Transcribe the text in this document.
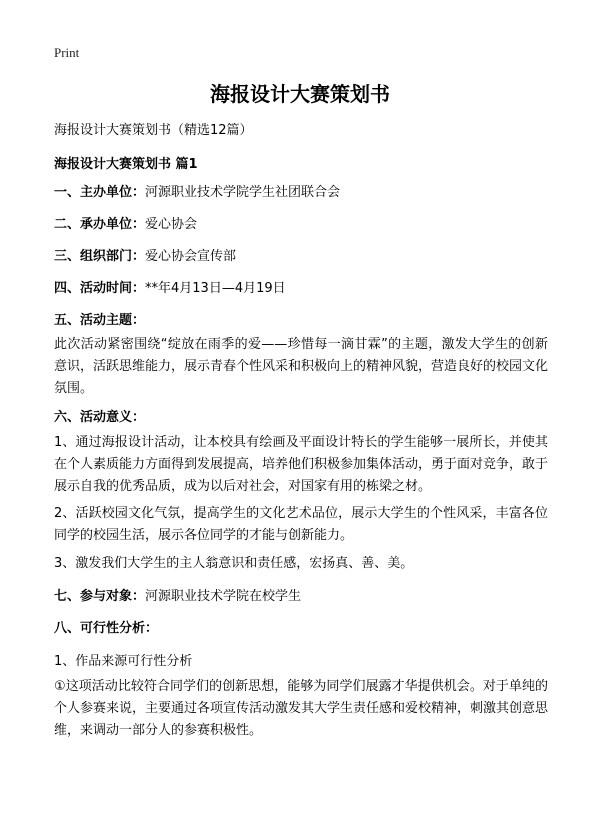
Print
海报设计大赛策划书
海报设计大赛策划书（精选12篇）
海报设计大赛策划书 篇1
一、主办单位：河源职业技术学院学生社团联合会
二、承办单位：爱心协会
三、组织部门：爱心协会宣传部
四、活动时间：**年4月13日—4月19日
五、活动主题：
此次活动紧密围绕“绽放在雨季的爱——珍惜每一滴甘霖”的主题，激发大学生的创新意识，活跃思维能力，展示青春个性风采和积极向上的精神风貌，营造良好的校园文化氛围。
六、活动意义：
1、通过海报设计活动，让本校具有绘画及平面设计特长的学生能够一展所长，并使其在个人素质能力方面得到发展提高，培养他们积极参加集体活动，勇于面对竞争，敢于展示自我的优秀品质，成为以后对社会，对国家有用的栋梁之材。
2、活跃校园文化气氛，提高学生的文化艺术品位，展示大学生的个性风采，丰富各位同学的校园生活，展示各位同学的才能与创新能力。
3、激发我们大学生的主人翁意识和责任感，宏扬真、善、美。
七、参与对象：河源职业技术学院在校学生
八、可行性分析：
1、作品来源可行性分析
①这项活动比较符合同学们的创新思想，能够为同学们展露才华提供机会。对于单纯的个人参赛来说，主要通过各项宣传活动激发其大学生责任感和爱校精神，刺激其创意思维，来调动一部分人的参赛积极性。
